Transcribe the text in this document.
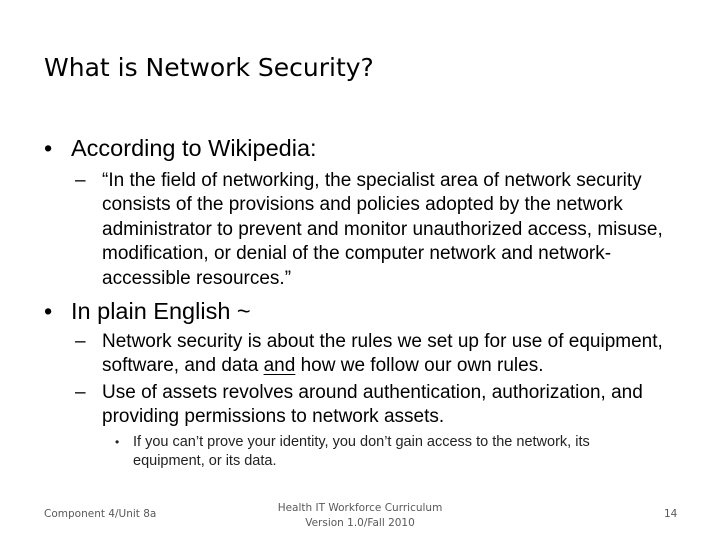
What is Network Security?
• According to Wikipedia:
– “In the field of networking, the specialist area of network security consists of the provisions and policies adopted by the network administrator to prevent and monitor unauthorized access, misuse, modification, or denial of the computer network and network-accessible resources.”
• In plain English ~
– Network security is about the rules we set up for use of equipment, software, and data and how we follow our own rules.
– Use of assets revolves around authentication, authorization, and providing permissions to network assets.
• If you can’t prove your identity, you don’t gain access to the network, its equipment, or its data.
Component 4/Unit 8a	Health IT Workforce Curriculum
Version 1.0/Fall 2010
14
